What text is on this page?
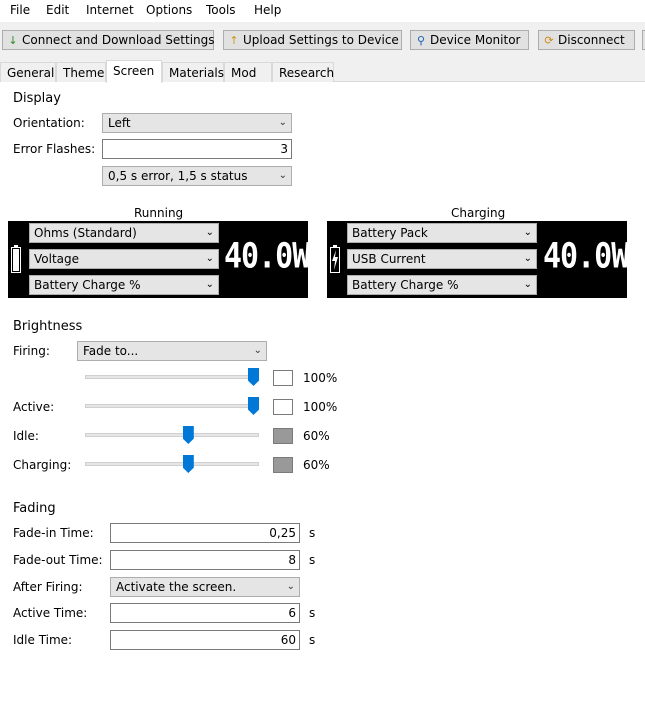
File Edit Internet Options Tools Help
↓ Connect and Download Settings	↑ Upload Settings to Device	⚲ Device Monitor	⟳ Disconnect
General Theme Screen	Materials Mod	Research
Display
Orientation:	Left	⌄
Error Flashes:	3
0,5 s error, 1,5 s status	⌄
Running
Ohms (Standard)	⌄
Voltage	⌄
Battery Charge %	⌄
40.0W
Charging
Battery Pack	⌄
USB Current	⌄
Battery Charge %	⌄
40.0W
Brightness
Firing:	Fade to...	⌄
100%
Active:	100%
Idle:	60%
Charging:	60%
Fading
Fade-in Time:	0,25	s
Fade-out Time:	8	s
After Firing:	Activate the screen.	⌄
Active Time:	6	s
Idle Time:	60	s
